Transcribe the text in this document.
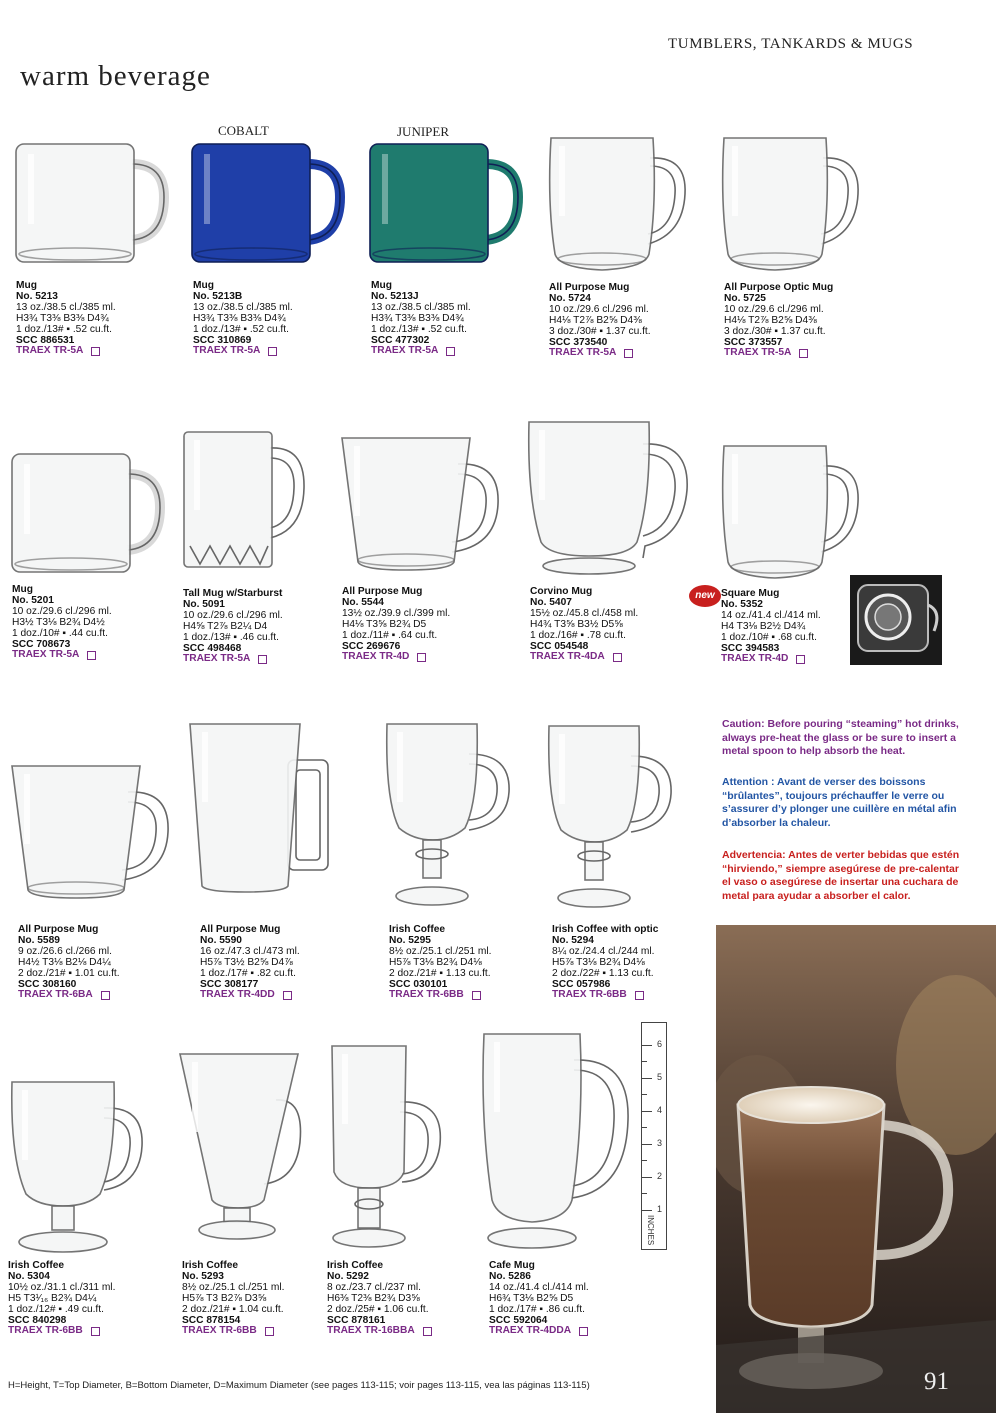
TUMBLERS, TANKARDS & MUGS
warm beverage
COBALT	JUNIPER
Mug
No. 5213
13 oz./38.5 cl./385 ml.
H3¾ T3⅜ B3⅜ D4¾
1 doz./13# ▪ .52 cu.ft.
SCC 886531
TRAEX TR-5A
Mug
No. 5213B
13 oz./38.5 cl./385 ml.
H3¾ T3⅜ B3⅜ D4¾
1 doz./13# ▪ .52 cu.ft.
SCC 310869
TRAEX TR-5A
Mug
No. 5213J
13 oz./38.5 cl./385 ml.
H3¾ T3⅜ B3⅜ D4¾
1 doz./13# ▪ .52 cu.ft.
SCC 477302
TRAEX TR-5A
All Purpose Mug
No. 5724
10 oz./29.6 cl./296 ml.
H4⅛ T2⅞ B2⅝ D4⅜
3 doz./30# ▪ 1.37 cu.ft.
SCC 373540
TRAEX TR-5A
All Purpose Optic Mug
No. 5725
10 oz./29.6 cl./296 ml.
H4⅛ T2⅞ B2⅝ D4⅜
3 doz./30# ▪ 1.37 cu.ft.
SCC 373557
TRAEX TR-5A
Mug
No. 5201
10 oz./29.6 cl./296 ml.
H3½ T3⅛ B2¾ D4½
1 doz./10# ▪ .44 cu.ft.
SCC 708673
TRAEX TR-5A
Tall Mug w/Starburst
No. 5091
10 oz./29.6 cl./296 ml.
H4⅝ T2⅞ B2¼ D4
1 doz./13# ▪ .46 cu.ft.
SCC 498468
TRAEX TR-5A
All Purpose Mug
No. 5544
13½ oz./39.9 cl./399 ml.
H4⅛ T3⅝ B2¾ D5
1 doz./11# ▪ .64 cu.ft.
SCC 269676
TRAEX TR-4D
Corvino Mug
No. 5407
15½ oz./45.8 cl./458 ml.
H4¾ T3⅝ B3½ D5⅝
1 doz./16# ▪ .78 cu.ft.
SCC 054548
TRAEX TR-4DA
new Square Mug
No. 5352
14 oz./41.4 cl./414 ml.
H4 T3⅛ B2½ D4¾
1 doz./10# ▪ .68 cu.ft.
SCC 394583
TRAEX TR-4D
All Purpose Mug
No. 5589
9 oz./26.6 cl./266 ml.
H4½ T3⅛ B2⅛ D4¼
2 doz./21# ▪ 1.01 cu.ft.
SCC 308160
TRAEX TR-6BA
All Purpose Mug
No. 5590
16 oz./47.3 cl./473 ml.
H5⅞ T3½ B2⅝ D4⅞
1 doz./17# ▪ .82 cu.ft.
SCC 308177
TRAEX TR-4DD
Irish Coffee
No. 5295
8½ oz./25.1 cl./251 ml.
H5⅞ T3⅛ B2¾ D4⅛
2 doz./21# ▪ 1.13 cu.ft.
SCC 030101
TRAEX TR-6BB
Irish Coffee with optic
No. 5294
8¼ oz./24.4 cl./244 ml.
H5⅞ T3⅛ B2¾ D4⅛
2 doz./22# ▪ 1.13 cu.ft.
SCC 057986
TRAEX TR-6BB
Irish Coffee
No. 5304
10½ oz./31.1 cl./311 ml.
H5 T3¹⁄₁₆ B2¾ D4¼
1 doz./12# ▪ .49 cu.ft.
SCC 840298
TRAEX TR-6BB
Irish Coffee
No. 5293
8½ oz./25.1 cl./251 ml.
H5⅞ T3 B2⅞ D3⅝
2 doz./21# ▪ 1.04 cu.ft.
SCC 878154
TRAEX TR-6BB
Irish Coffee
No. 5292
8 oz./23.7 cl./237 ml.
H6⅜ T2⅜ B2¾ D3⅝
2 doz./25# ▪ 1.06 cu.ft.
SCC 878161
TRAEX TR-16BBA
Cafe Mug
No. 5286
14 oz./41.4 cl./414 ml.
H6¾ T3⅛ B2⅝ D5
1 doz./17# ▪ .86 cu.ft.
SCC 592064
TRAEX TR-4DDA
Caution: Before pouring “steaming” hot drinks, always pre-heat the glass or be sure to insert a metal spoon to help absorb the heat.
Attention : Avant de verser des boissons “brûlantes”, toujours préchauffer le verre ou s’assurer d’y plonger une cuillère en métal afin d’absorber la chaleur.
Advertencia: Antes de verter bebidas que estén “hirviendo,” siempre asegúrese de pre-calentar el vaso o asegúrese de insertar una cuchara de metal para ayudar a absorber el calor.
6
5
4
3
2
1
INCHES
H=Height, T=Top Diameter, B=Bottom Diameter, D=Maximum Diameter (see pages 113-115; voir pages 113-115, vea las páginas 113-115)	91
